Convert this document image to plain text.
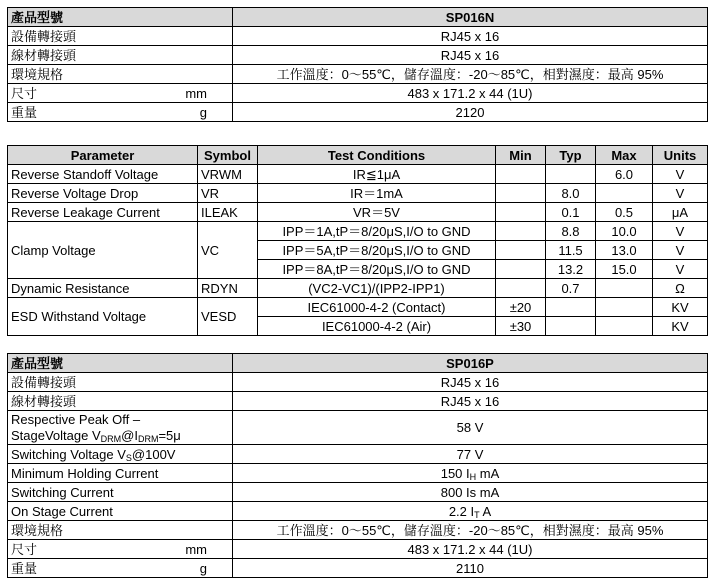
產品型號	SP016N
設備轉接頭	RJ45 x 16
線材轉接頭	RJ45 x 16
環境規格	工作溫度：0～55℃，儲存溫度：-20～85℃，相對濕度：最高 95%

尺寸 mm	483 x 171.2 x 44 (1U)

重量 g	2120
Parameter	Symbol	Test Conditions	Min	Typ	Max	Units
Reverse Standoff Voltage	VRWM	IR≦1μA			6.0	V
Reverse Voltage Drop	VR	IR＝1mA		8.0		V
Reverse Leakage Current	ILEAK	VR＝5V		0.1	0.5	μA
Clamp Voltage	VC	IPP＝1A,tP＝8/20μS,I/O to GND		8.8	10.0	V
		IPP＝5A,tP＝8/20μS,I/O to GND		11.5	13.0	V
		IPP＝8A,tP＝8/20μS,I/O to GND		13.2	15.0	V
Dynamic Resistance	RDYN	(VC2-VC1)/(IPP2-IPP1)		0.7		Ω
ESD Withstand Voltage	VESD	IEC61000-4-2 (Contact)	±20			KV
		IEC61000-4-2 (Air)	±30			KV
產品型號	SP016P
設備轉接頭	RJ45 x 16
線材轉接頭	RJ45 x 16
Respective Peak Off –
StageVoltage $V_{DRM}@I_{DRM}=5\mu$	58 V
Switching Voltage $V_S@100V$	77 V
Minimum Holding Current	150 $I_H$ mA
Switching Current	800 Is mA
On Stage Current	2.2 $I_T$ A
環境規格	工作溫度：0～55℃，儲存溫度：-20～85℃，相對濕度：最高 95%

尺寸 mm	483 x 171.2 x 44 (1U)

重量 g	2110
